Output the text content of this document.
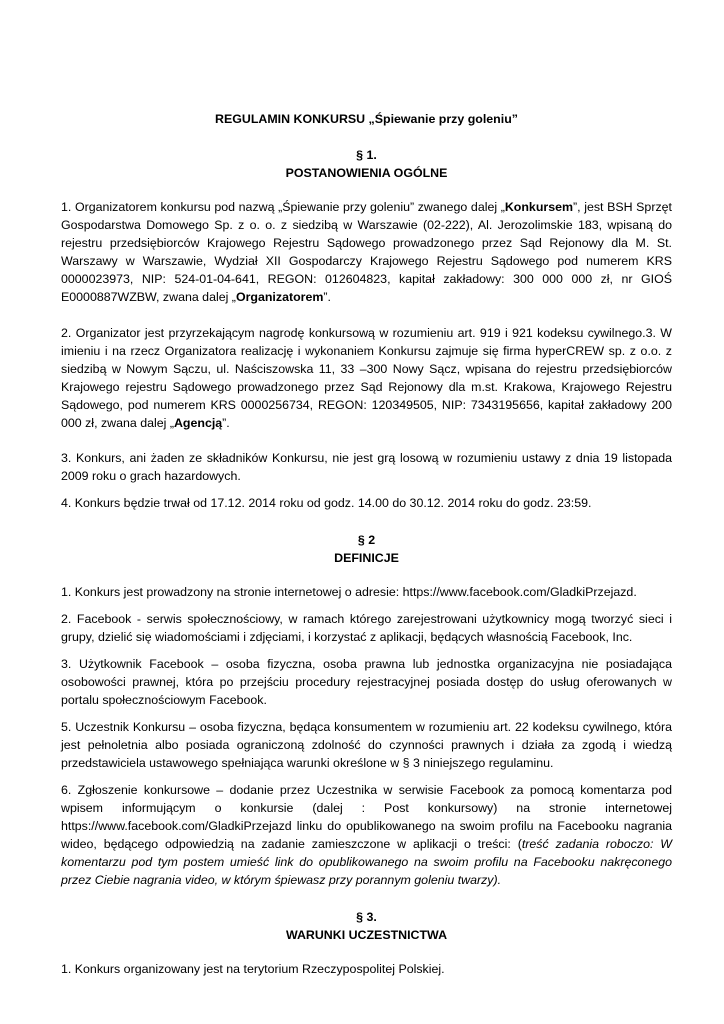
REGULAMIN KONKURSU „Śpiewanie przy goleniu”
§ 1.
POSTANOWIENIA OGÓLNE

1. Organizatorem konkursu pod nazwą „Śpiewanie przy goleniu” zwanego dalej „Konkursem”, jest BSH Sprzęt Gospodarstwa Domowego Sp. z o. o. z siedzibą w Warszawie (02-222), Al. Jerozolimskie 183, wpisaną do rejestru przedsiębiorców Krajowego Rejestru Sądowego prowadzonego przez Sąd Rejonowy dla M. St. Warszawy w Warszawie, Wydział XII Gospodarczy Krajowego Rejestru Sądowego pod numerem KRS 0000023973, NIP: 524-01-04-641, REGON: 012604823, kapitał zakładowy: 300 000 000 zł, nr GIOŚ E0000887WZBW, zwana dalej „Organizatorem”.

2. Organizator jest przyrzekającym nagrodę konkursową w rozumieniu art. 919 i 921 kodeksu cywilnego.3. W imieniu i na rzecz Organizatora realizację i wykonaniem Konkursu zajmuje się firma hyperCREW sp. z o.o. z siedzibą w Nowym Sączu, ul. Naściszowska 11, 33 –300 Nowy Sącz, wpisana do rejestru przedsiębiorców Krajowego rejestru Sądowego prowadzonego przez Sąd Rejonowy dla m.st. Krakowa, Krajowego Rejestru Sądowego, pod numerem KRS 0000256734, REGON: 120349505, NIP: 7343195656, kapitał zakładowy 200 000 zł, zwana dalej „Agencją”.

3. Konkurs, ani żaden ze składników Konkursu, nie jest grą losową w rozumieniu ustawy z dnia 19 listopada 2009 roku o grach hazardowych.

4. Konkurs będzie trwał od 17.12. 2014 roku od godz. 14.00 do 30.12. 2014 roku do godz. 23:59.

§ 2
DEFINICJE

1. Konkurs jest prowadzony na stronie internetowej o adresie: https://www.facebook.com/GladkiPrzejazd.

2. Facebook - serwis społecznościowy, w ramach którego zarejestrowani użytkownicy mogą tworzyć sieci i grupy, dzielić się wiadomościami i zdjęciami, i korzystać z aplikacji, będących własnością Facebook, Inc.

3. Użytkownik Facebook – osoba fizyczna, osoba prawna lub jednostka organizacyjna nie posiadająca osobowości prawnej, która po przejściu procedury rejestracyjnej posiada dostęp do usług oferowanych w portalu społecznościowym Facebook.

5. Uczestnik Konkursu – osoba fizyczna, będąca konsumentem w rozumieniu art. 22 kodeksu cywilnego, która jest pełnoletnia albo posiada ograniczoną zdolność do czynności prawnych i działa za zgodą i wiedzą przedstawiciela ustawowego spełniająca warunki określone w § 3 niniejszego regulaminu.

6. Zgłoszenie konkursowe – dodanie przez Uczestnika w serwisie Facebook za pomocą komentarza pod wpisem informującym o konkursie (dalej : Post konkursowy) na stronie internetowej https://www.facebook.com/GladkiPrzejazd linku do opublikowanego na swoim profilu na Facebooku nagrania wideo, będącego odpowiedzią na zadanie zamieszczone w aplikacji o treści: (treść zadania roboczo: W komentarzu pod tym postem umieść link do opublikowanego na swoim profilu na Facebooku nakręconego przez Ciebie nagrania video, w którym śpiewasz przy porannym goleniu twarzy).

§ 3.
WARUNKI UCZESTNICTWA

1. Konkurs organizowany jest na terytorium Rzeczypospolitej Polskiej.
